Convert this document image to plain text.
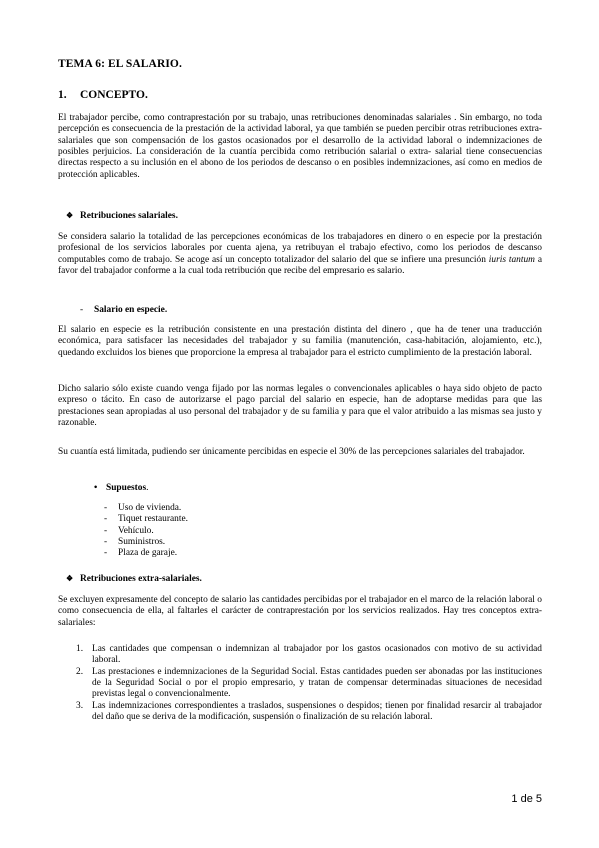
TEMA 6: EL SALARIO.
1. CONCEPTO.

El trabajador percibe, como contraprestación por su trabajo, unas retribuciones denominadas salariales . Sin embargo, no toda percepción es consecuencia de la prestación de la actividad laboral, ya que también se pueden percibir otras retribuciones extra-salariales que son compensación de los gastos ocasionados por el desarrollo de la actividad laboral o indemnizaciones de posibles perjuicios. La consideración de la cuantía percibida como retribución salarial o extra- salarial tiene consecuencias directas respecto a su inclusión en el abono de los periodos de descanso o en posibles indemnizaciones, así como en medios de protección aplicables.

❖ Retribuciones salariales.

Se considera salario la totalidad de las percepciones económicas de los trabajadores en dinero o en especie por la prestación profesional de los servicios laborales por cuenta ajena, ya retribuyan el trabajo efectivo, como los periodos de descanso computables como de trabajo. Se acoge así un concepto totalizador del salario del que se infiere una presunción iuris tantum a favor del trabajador conforme a la cual toda retribución que recibe del empresario es salario.

- Salario en especie.

El salario en especie es la retribución consistente en una prestación distinta del dinero , que ha de tener una traducción económica, para satisfacer las necesidades del trabajador y su familia (manutención, casa-habitación, alojamiento, etc.), quedando excluidos los bienes que proporcione la empresa al trabajador para el estricto cumplimiento de la prestación laboral.

Dicho salario sólo existe cuando venga fijado por las normas legales o convencionales aplicables o haya sido objeto de pacto expreso o tácito. En caso de autorizarse el pago parcial del salario en especie, han de adoptarse medidas para que las prestaciones sean apropiadas al uso personal del trabajador y de su familia y para que el valor atribuido a las mismas sea justo y razonable.

Su cuantía está limitada, pudiendo ser únicamente percibidas en especie el 30% de las percepciones salariales del trabajador.

• Supuestos.
- Uso de vivienda.
- Tiquet restaurante.
- Vehículo.
- Suministros.
- Plaza de garaje.
❖ Retribuciones extra-salariales.

Se excluyen expresamente del concepto de salario las cantidades percibidas por el trabajador en el marco de la relación laboral o como consecuencia de ella, al faltarles el carácter de contraprestación por los servicios realizados. Hay tres conceptos extra-salariales:

1. Las cantidades que compensan o indemnizan al trabajador por los gastos ocasionados con motivo de su actividad laboral.
2. Las prestaciones e indemnizaciones de la Seguridad Social. Estas cantidades pueden ser abonadas por las instituciones de la Seguridad Social o por el propio empresario, y tratan de compensar determinadas situaciones de necesidad previstas legal o convencionalmente.
3. Las indemnizaciones correspondientes a traslados, suspensiones o despidos; tienen por finalidad resarcir al trabajador del daño que se deriva de la modificación, suspensión o finalización de su relación laboral.
1 de 5
